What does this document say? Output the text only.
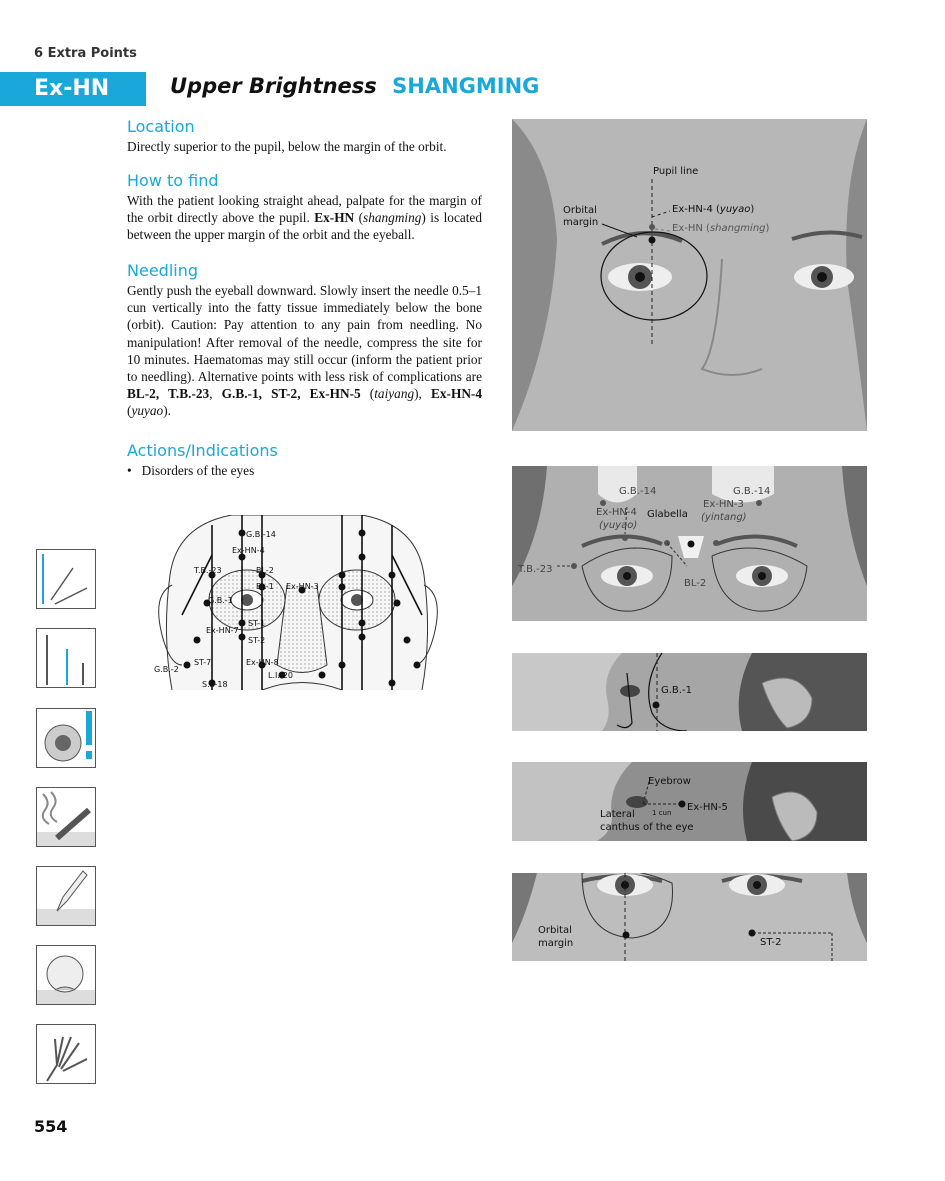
6 Extra Points
Ex-HN	Upper Brightness SHANGMING
Location
Directly superior to the pupil, below the margin of the orbit.
How to find
With the patient looking straight ahead, palpate for the margin of the orbit directly above the pupil. Ex-HN (shangming) is located between the upper margin of the orbit and the eyeball.
Needling
Gently push the eyeball downward. Slowly insert the needle 0.5–1 cun vertically into the fatty tissue immediately below the bone (orbit). Caution: Pay attention to any pain from needling. No manipulation! After removal of the needle, compress the site for 10 minutes. Haematomas may still occur (inform the patient prior to needling). Alternative points with less risk of complications are BL-2, T.B.-23, G.B.-1, ST-2, Ex-HN-5 (taiyang), Ex-HN-4 (yuyao).
Actions/Indications
• Disorders of the eyes
G.B.-14
Ex-HN-4
T.B.-23	BL-2
BL-1 Ex-HN-3
G.B.-1
ST-1
Ex-HN-7
ST-2
G.B.-2
ST-7	Ex-HN-8
L.I.-20
S.I.-18
Pupil line
Orbital
margin
Ex-HN-4 (yuyao)
Ex-HN (shangming)
G.B.-14	G.B.-14
Ex-HN-3
(yintang)
Ex-HN-4
(yuyao)
Glabella
T.B.-23
BL-2
G.B.-1
Eyebrow
Lateral
canthus of the eye
1 cun Ex-HN-5
Orbital
margin	ST-2
554
